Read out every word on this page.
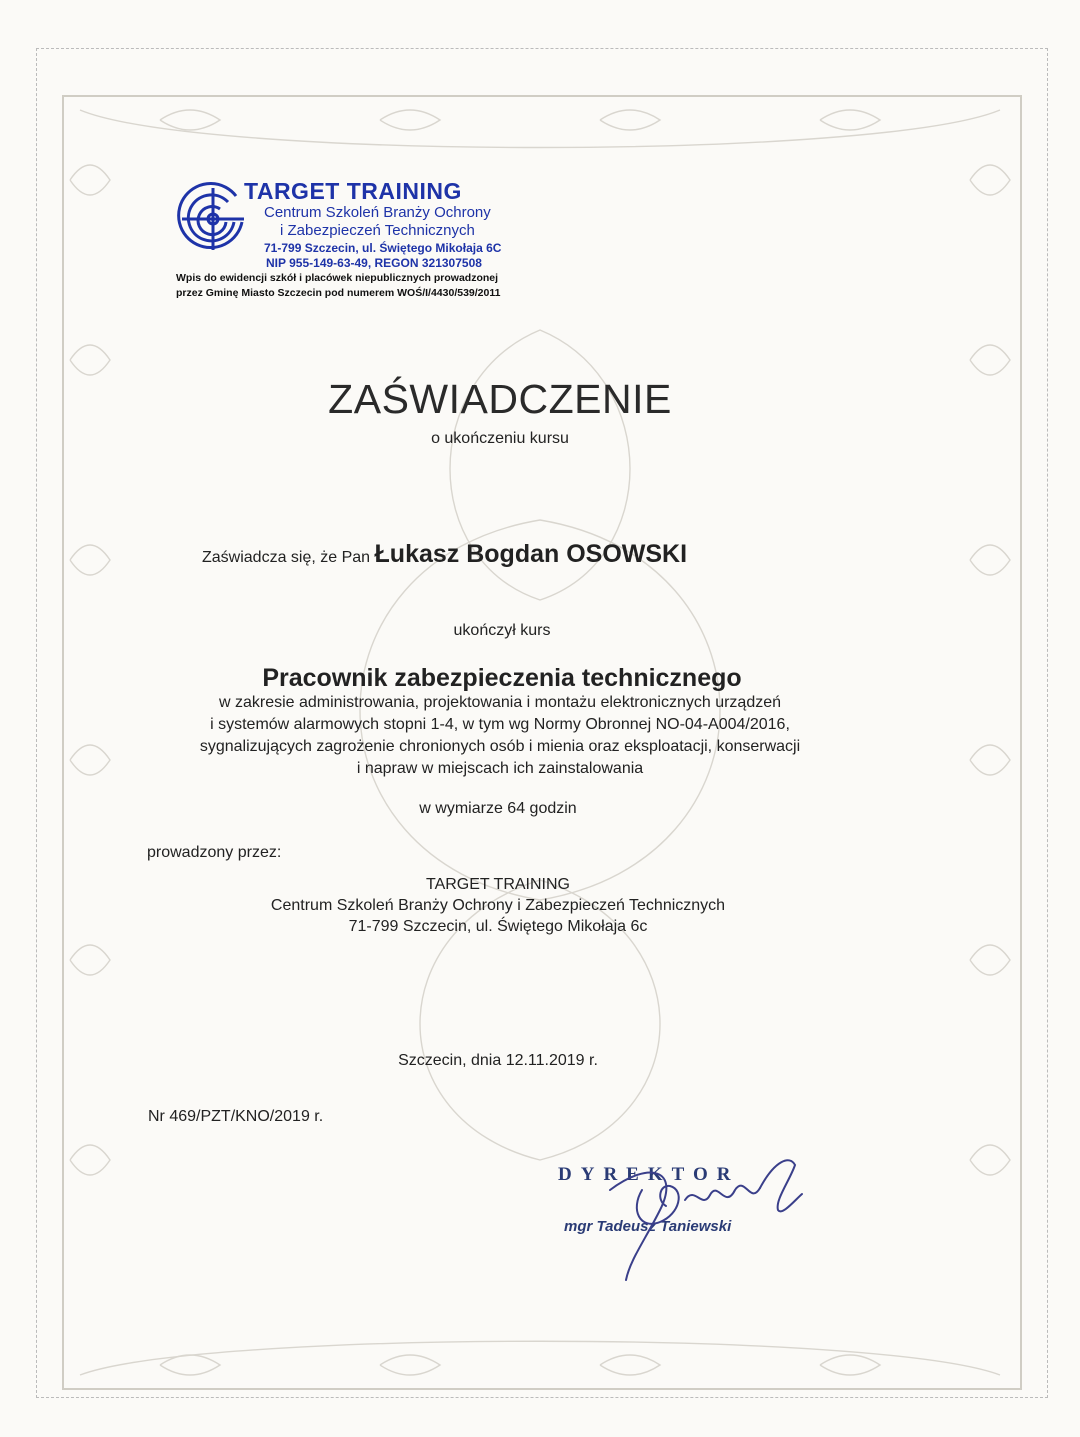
TARGET TRAINING
Centrum Szkoleń Branży Ochrony
i Zabezpieczeń Technicznych
71-799 Szczecin, ul. Świętego Mikołaja 6C
NIP 955-149-63-49, REGON 321307508
Wpis do ewidencji szkół i placówek niepublicznych prowadzonej
przez Gminę Miasto Szczecin pod numerem WOŚ/I/4430/539/2011
ZAŚWIADCZENIE
o ukończeniu kursu
Zaświadcza się, że Pan Łukasz Bogdan OSOWSKI
ukończył kurs
Pracownik zabezpieczenia technicznego
w zakresie administrowania, projektowania i montażu elektronicznych urządzeń
i systemów alarmowych stopni 1-4, w tym wg Normy Obronnej NO-04-A004/2016,
sygnalizujących zagrożenie chronionych osób i mienia oraz eksploatacji, konserwacji
i napraw w miejscach ich zainstalowania
w wymiarze 64 godzin
prowadzony przez:
TARGET TRAINING
Centrum Szkoleń Branży Ochrony i Zabezpieczeń Technicznych
71-799 Szczecin, ul. Świętego Mikołaja 6c
Szczecin, dnia 12.11.2019 r.
Nr 469/PZT/KNO/2019 r.
DYREKTOR
mgr Tadeusz Taniewski
